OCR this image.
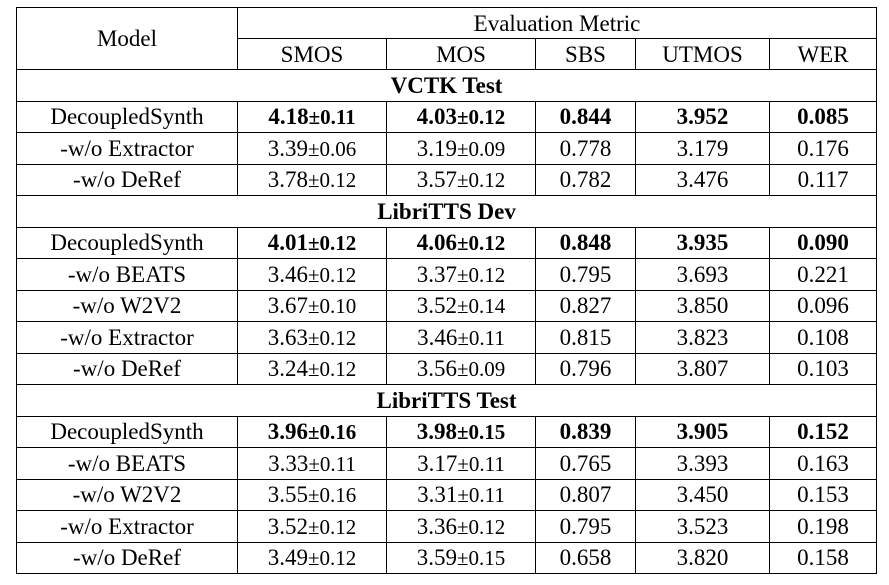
Model	Evaluation Metric				
	SMOS	MOS	SBS	UTMOS	WER
VCTK Test					
DecoupledSynth	4.18±0.11	4.03±0.12	0.844	3.952	0.085
-w/o Extractor	3.39±0.06	3.19±0.09	0.778	3.179	0.176
-w/o DeRef	3.78±0.12	3.57±0.12	0.782	3.476	0.117
LibriTTS Dev					
DecoupledSynth	4.01±0.12	4.06±0.12	0.848	3.935	0.090
-w/o BEATS	3.46±0.12	3.37±0.12	0.795	3.693	0.221
-w/o W2V2	3.67±0.10	3.52±0.14	0.827	3.850	0.096
-w/o Extractor	3.63±0.12	3.46±0.11	0.815	3.823	0.108
-w/o DeRef	3.24±0.12	3.56±0.09	0.796	3.807	0.103
LibriTTS Test					
DecoupledSynth	3.96±0.16	3.98±0.15	0.839	3.905	0.152
-w/o BEATS	3.33±0.11	3.17±0.11	0.765	3.393	0.163
-w/o W2V2	3.55±0.16	3.31±0.11	0.807	3.450	0.153
-w/o Extractor	3.52±0.12	3.36±0.12	0.795	3.523	0.198
-w/o DeRef	3.49±0.12	3.59±0.15	0.658	3.820	0.158
